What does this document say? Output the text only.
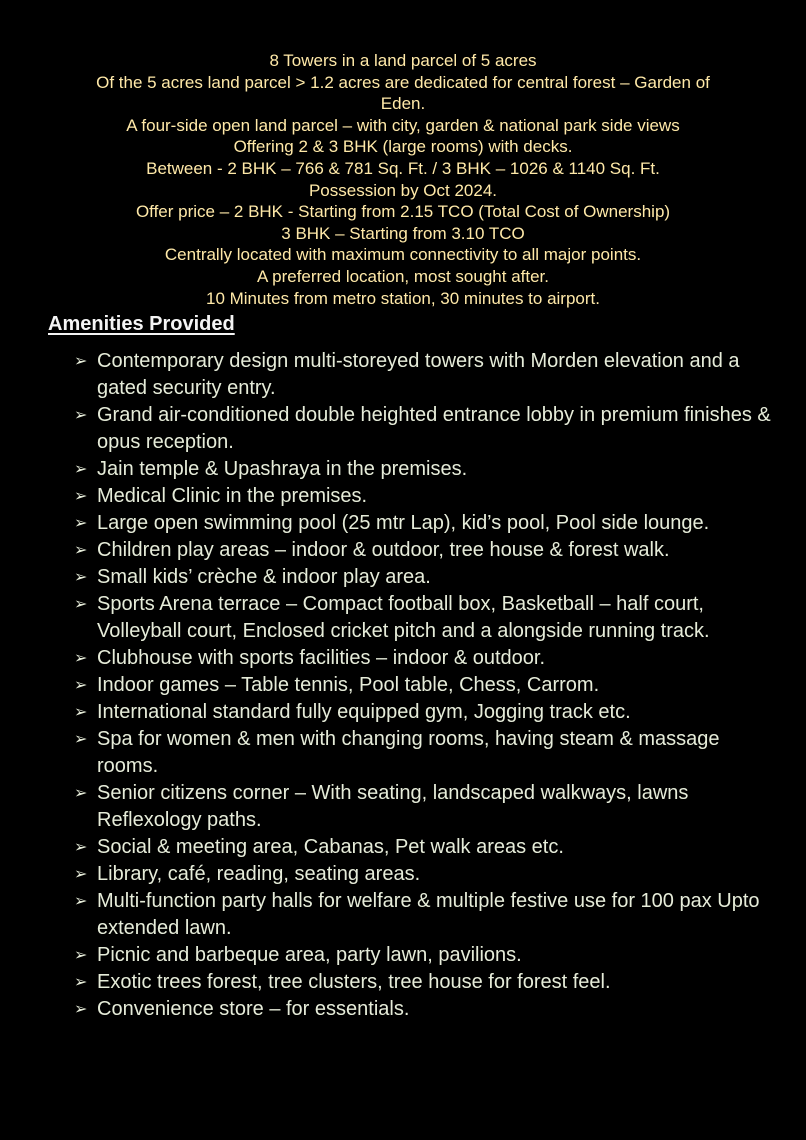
8 Towers in a land parcel of 5 acres
Of the 5 acres land parcel > 1.2 acres are dedicated for central forest – Garden of
Eden.
A four-side open land parcel – with city, garden & national park side views
Offering 2 & 3 BHK (large rooms) with decks.
Between - 2 BHK – 766 & 781 Sq. Ft. / 3 BHK – 1026 & 1140 Sq. Ft.
Possession by Oct 2024.
Offer price – 2 BHK - Starting from 2.15 TCO (Total Cost of Ownership)
3 BHK – Starting from 3.10 TCO
Centrally located with maximum connectivity to all major points.
A preferred location, most sought after.
10 Minutes from metro station, 30 minutes to airport.
Amenities Provided
➢ Contemporary design multi-storeyed towers with Morden elevation and a gated security entry.
➢ Grand air-conditioned double heighted entrance lobby in premium finishes & opus reception.
➢ Jain temple & Upashraya in the premises.
➢ Medical Clinic in the premises.
➢ Large open swimming pool (25 mtr Lap), kid’s pool, Pool side lounge.
➢ Children play areas – indoor & outdoor, tree house & forest walk.
➢ Small kids’ crèche & indoor play area.
➢ Sports Arena terrace – Compact football box, Basketball – half court, Volleyball court, Enclosed cricket pitch and a alongside running track.
➢ Clubhouse with sports facilities – indoor & outdoor.
➢ Indoor games – Table tennis, Pool table, Chess, Carrom.
➢ International standard fully equipped gym, Jogging track etc.
➢ Spa for women & men with changing rooms, having steam & massage rooms.
➢ Senior citizens corner – With seating, landscaped walkways, lawns Reflexology paths.
➢ Social & meeting area, Cabanas, Pet walk areas etc.
➢ Library, café, reading, seating areas.
➢ Multi-function party halls for welfare & multiple festive use for 100 pax Upto extended lawn.
➢ Picnic and barbeque area, party lawn, pavilions.
➢ Exotic trees forest, tree clusters, tree house for forest feel.
➢ Convenience store – for essentials.
